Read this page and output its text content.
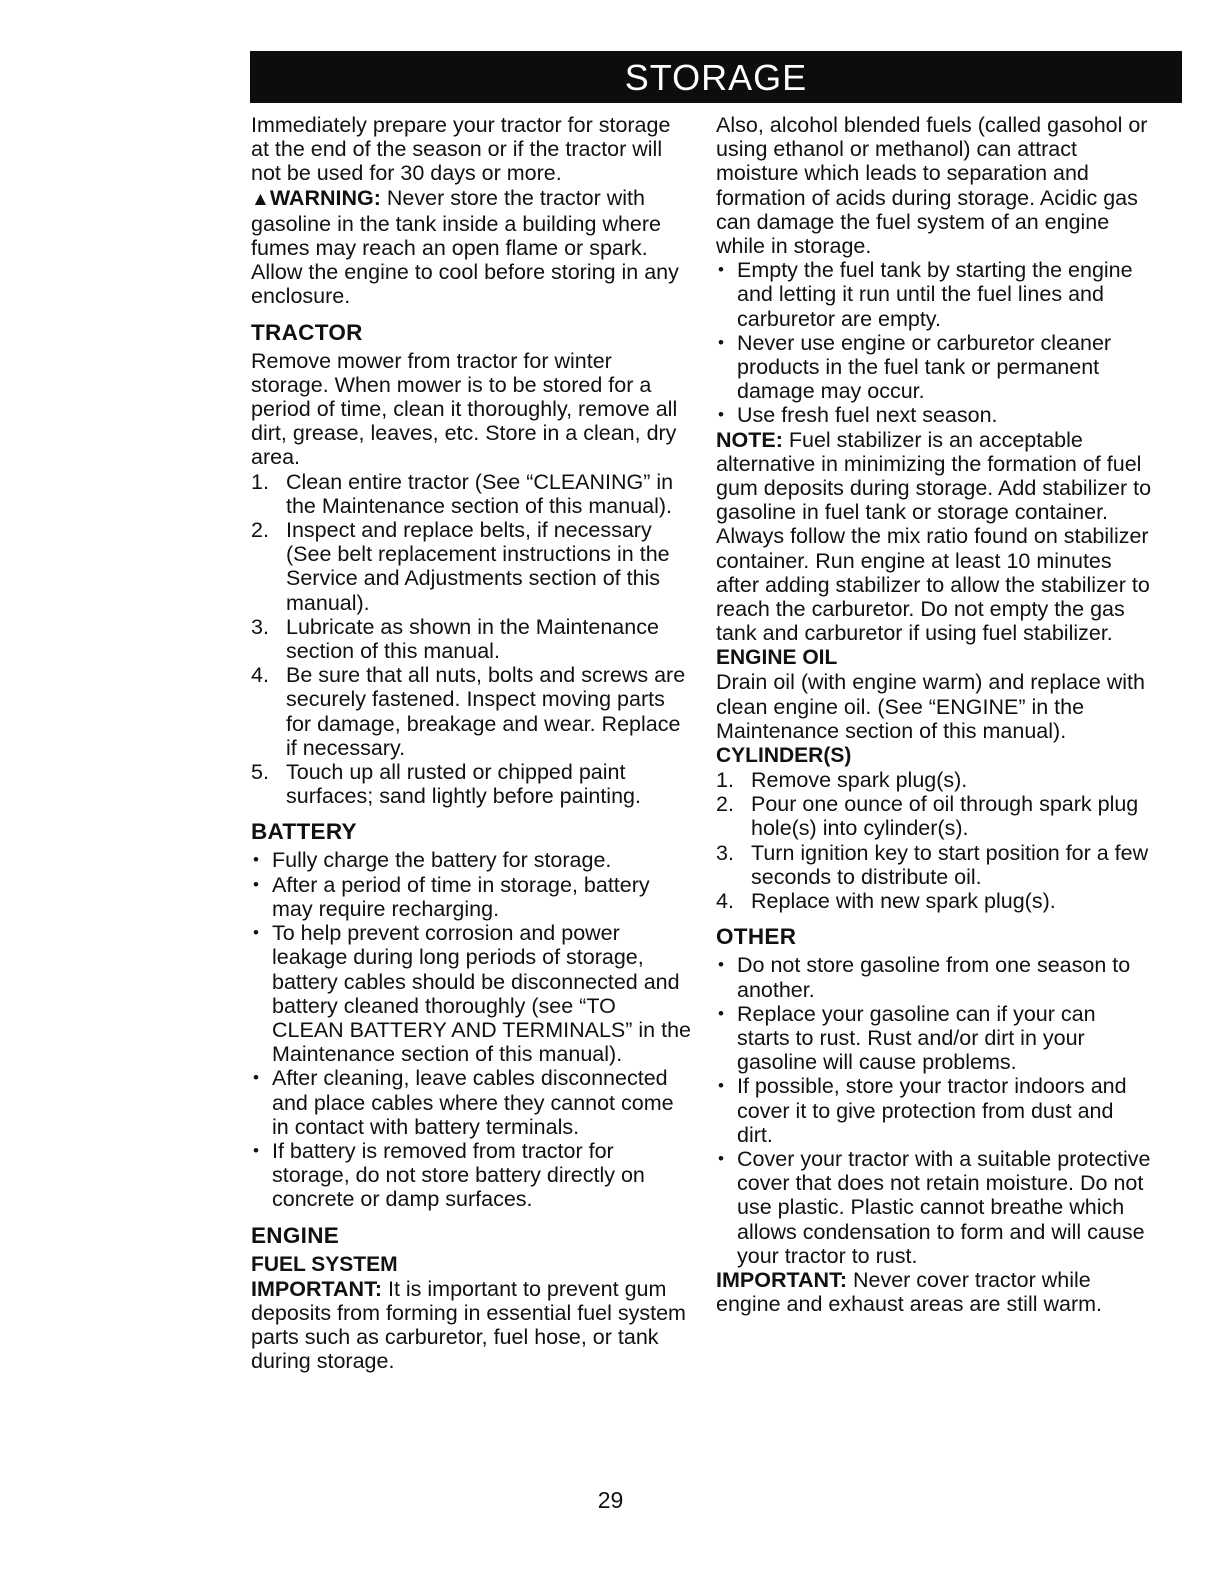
STORAGE

Immediately prepare your tractor for storage at the end of the season or if the tractor will not be used for 30 days or more.

▲WARNING: Never store the tractor with gasoline in the tank inside a building where fumes may reach an open flame or spark. Allow the engine to cool before storing in any enclosure.

TRACTOR

Remove mower from tractor for winter storage. When mower is to be stored for a period of time, clean it thoroughly, remove all dirt, grease, leaves, etc. Store in a clean, dry area.

1. Clean entire tractor (See “CLEANING” in the Maintenance section of this manual).
2. Inspect and replace belts, if necessary (See belt replacement instructions in the Service and Adjustments section of this manual).
3. Lubricate as shown in the Maintenance section of this manual.
4. Be sure that all nuts, bolts and screws are securely fastened. Inspect moving parts for damage, breakage and wear. Replace if necessary.
5. Touch up all rusted or chipped paint surfaces; sand lightly before painting.
BATTERY
• Fully charge the battery for storage.
• After a period of time in storage, battery may require recharging.
• To help prevent corrosion and power leakage during long periods of storage, battery cables should be disconnected and battery cleaned thoroughly (see “TO CLEAN BATTERY AND TERMINALS” in the Maintenance section of this manual).
• After cleaning, leave cables disconnected and place cables where they cannot come in contact with battery terminals.
• If battery is removed from tractor for storage, do not store battery directly on concrete or damp surfaces.
ENGINE
FUEL SYSTEM

IMPORTANT: It is important to prevent gum deposits from forming in essential fuel system parts such as carburetor, fuel hose, or tank during storage.

Also, alcohol blended fuels (called gasohol or using ethanol or methanol) can attract moisture which leads to separation and formation of acids during storage. Acidic gas can damage the fuel system of an engine while in storage.

• Empty the fuel tank by starting the engine and letting it run until the fuel lines and carburetor are empty.
• Never use engine or carburetor cleaner products in the fuel tank or permanent damage may occur.
• Use fresh fuel next season.

NOTE: Fuel stabilizer is an acceptable alternative in minimizing the formation of fuel gum deposits during storage. Add stabilizer to gasoline in fuel tank or storage container. Always follow the mix ratio found on stabilizer container. Run engine at least 10 minutes after adding stabilizer to allow the stabilizer to reach the carburetor. Do not empty the gas tank and carburetor if using fuel stabilizer.

ENGINE OIL

Drain oil (with engine warm) and replace with clean engine oil. (See “ENGINE” in the Maintenance section of this manual).

CYLINDER(S)
1. Remove spark plug(s).
2. Pour one ounce of oil through spark plug hole(s) into cylinder(s).
3. Turn ignition key to start position for a few seconds to distribute oil.
4. Replace with new spark plug(s).
OTHER
• Do not store gasoline from one season to another.
• Replace your gasoline can if your can starts to rust. Rust and/or dirt in your gasoline will cause problems.
• If possible, store your tractor indoors and cover it to give protection from dust and dirt.
• Cover your tractor with a suitable protective cover that does not retain moisture. Do not use plastic. Plastic cannot breathe which allows condensation to form and will cause your tractor to rust.

IMPORTANT: Never cover tractor while engine and exhaust areas are still warm.

29
